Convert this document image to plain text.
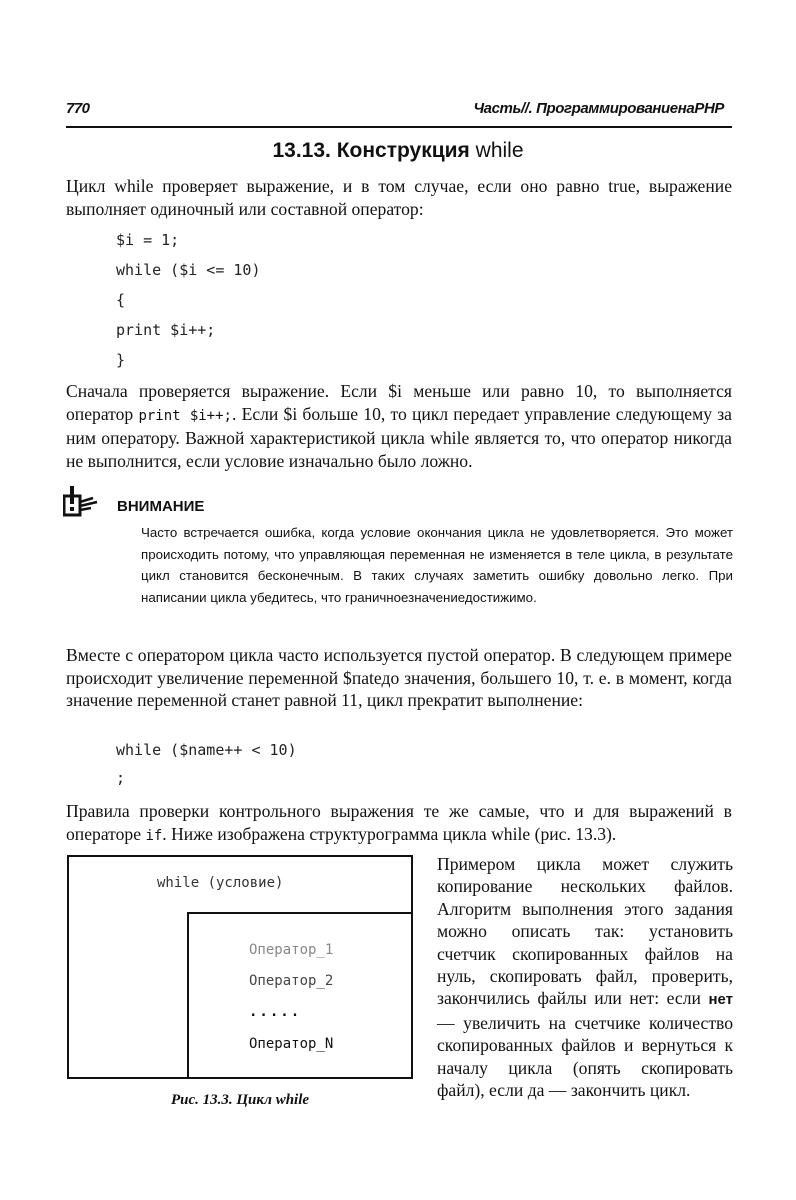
770	Часть//. ПрограммированиенаPHP
13.13. Конструкция while

Цикл while проверяет выражение, и в том случае, если оно равно true, выражение выполняет одиночный или составной оператор:

$i = 1;
while ($i <= 10)
{
print $i++;
}

Сначала проверяется выражение. Если $i меньше или равно 10, то выполняется оператор print $i++;. Если $i больше 10, то цикл передает управление следующему за ним оператору. Важной характеристикой цикла while является то, что оператор никогда не выполнится, если условие изначально было ложно.

ВНИМАНИЕ
Часто встречается ошибка, когда условие окончания цикла не удовлетворяется. Это может происходить потому, что управляющая переменная не изменяется в теле цикла, в результате цикл становится бесконечным. В таких случаях заметить ошибку довольно легко. При написании цикла убедитесь, что граничноезначениедостижимо.

Вместе с оператором цикла часто используется пустой оператор. В следующем примере происходит увеличение переменной $паtедо значения, большего 10, т. е. в момент, когда значение переменной станет равной 11, цикл прекратит выполнение:

while ($name++ < 10)
;

Правила проверки контрольного выражения те же самые, что и для выражений в операторе if. Ниже изображена структурограмма цикла while (рис. 13.3).

while (условие)
Оператор_1
Оператор_2
.....
Оператор_N
Рис. 13.3. Цикл while
Примером цикла может служить копирование нескольких файлов. Алгоритм выполнения этого задания можно описать так: установить счетчик скопированных файлов на нуль, скопировать файл, проверить, закончились файлы или нет: если нет — увеличить на счетчике количество скопированных файлов и вернуться к началу цикла (опять скопировать файл), если да — закончить цикл.
